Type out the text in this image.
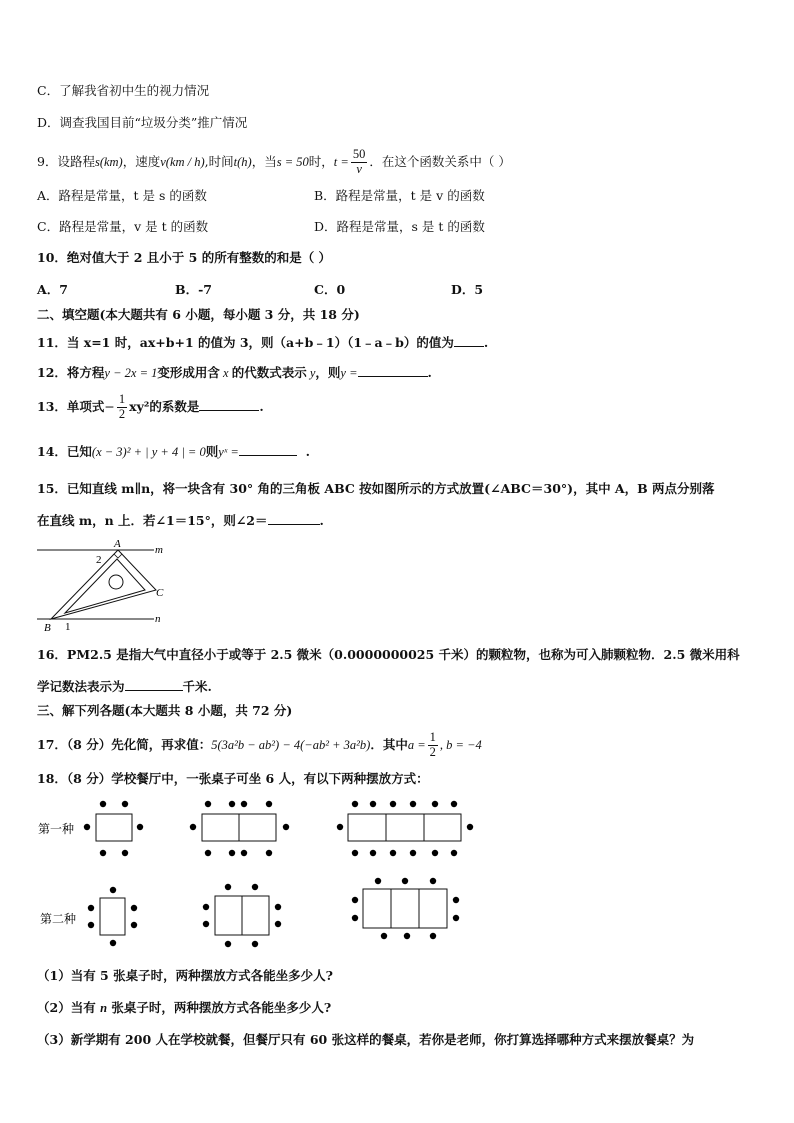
C．了解我省初中生的视力情况
D．调查我国目前“垃圾分类”推广情况
9．设路程s(km)，速度v(km / h),时间t(h)，当s = 50时，$t = \frac{50}{v}$ ．在这个函数关系中（ ）
A．路程是常量，t 是 s 的函数	B．路程是常量，t 是 v 的函数
C．路程是常量，v 是 t 的函数	D．路程是常量，s 是 t 的函数
10．绝对值大于 2 且小于 5 的所有整数的和是（ ）
A．7	B．-7	C．0	D．5
二、填空题(本大题共有 6 小题，每小题 3 分，共 18 分)
11．当 x=1 时，ax+b+1 的值为 3，则（a+b﹣1）（1﹣a﹣b）的值为 .
12．将方程y − 2x = 1变形成用含 x 的代数式表示 y，则y =	.
13．单项式− $\frac{1}{2} xy^2$的系数是	.
14．已知(x − 3)² + | y + 4 | = 0则yˣ =	.
15．已知直线 m∥n，将一块含有 30° 角的三角板 ABC 按如图所示的方式放置(∠ABC＝30°)，其中 A，B 两点分别落
在直线 m，n 上．若∠1＝15°，则∠2＝	.
A
B
C
m
n
1
2
16．PM2.5 是指大气中直径小于或等于 2.5 微米（0.0000000025 千米）的颗粒物，也称为可入肺颗粒物．2.5 微米用科
学记数法表示为	千米.
三、解下列各题(本大题共 8 小题，共 72 分)
17．（8 分）先化简，再求值：5(3a²b − ab²) − 4(−ab² + 3a²b)．其中$a = \frac{1}{2}$ , b = −4
18．（8 分）学校餐厅中，一张桌子可坐 6 人，有以下两种摆放方式：
第一种
第二种
（1）当有 5 张桌子时，两种摆放方式各能坐多少人?
（2）当有 n 张桌子时，两种摆放方式各能坐多少人?
（3）新学期有 200 人在学校就餐，但餐厅只有 60 张这样的餐桌，若你是老师，你打算选择哪种方式来摆放餐桌？为
